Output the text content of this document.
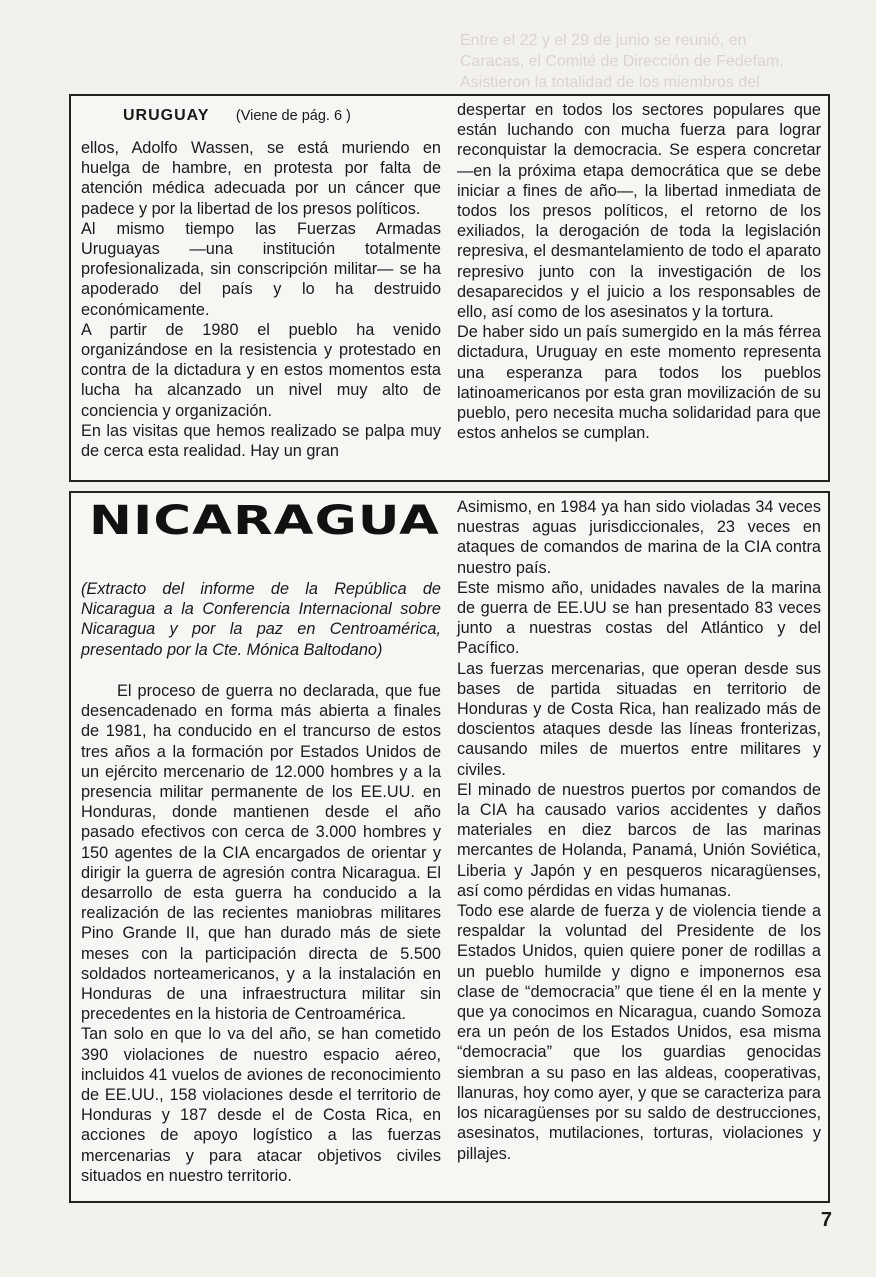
Entre el 22 y el 29 de junio se reunió, en
Caracas, el Comité de Dirección de Fedefam.
Asistieron la totalidad de los miembros del
URUGUAY (Viene de pág. 6 )

ellos, Adolfo Wassen, se está muriendo en huelga de hambre, en protesta por falta de atención médica adecuada por un cáncer que padece y por la libertad de los presos políticos.

Al mismo tiempo las Fuerzas Armadas Uruguayas —una institución totalmente profesionalizada, sin conscripción militar— se ha apoderado del país y lo ha destruido económicamente.

A partir de 1980 el pueblo ha venido organizándose en la resistencia y protestado en contra de la dictadura y en estos momentos esta lucha ha alcanzado un nivel muy alto de conciencia y organización.

En las visitas que hemos realizado se palpa muy de cerca esta realidad. Hay un gran

despertar en todos los sectores populares que están luchando con mucha fuerza para lograr reconquistar la democracia. Se espera concretar —en la próxima etapa democrática que se debe iniciar a fines de año—, la libertad inmediata de todos los presos políticos, el retorno de los exiliados, la derogación de toda la legislación represiva, el desmantelamiento de todo el aparato represivo junto con la investigación de los desaparecidos y el juicio a los responsables de ello, así como de los asesinatos y la tortura.

De haber sido un país sumergido en la más férrea dictadura, Uruguay en este momento representa una esperanza para todos los pueblos latinoamericanos por esta gran movilización de su pueblo, pero necesita mucha solidaridad para que estos anhelos se cumplan.

NICARAGUA

(Extracto del informe de la República de Nicaragua a la Conferencia Internacional sobre Nicaragua y por la paz en Centroamérica, presentado por la Cte. Mónica Baltodano)

El proceso de guerra no declarada, que fue desencadenado en forma más abierta a finales de 1981, ha conducido en el trancurso de estos tres años a la formación por Estados Unidos de un ejército mercenario de 12.000 hombres y a la presencia militar permanente de los EE.UU. en Honduras, donde mantienen desde el año pasado efectivos con cerca de 3.000 hombres y 150 agentes de la CIA encargados de orientar y dirigir la guerra de agresión contra Nicaragua. El desarrollo de esta guerra ha conducido a la realización de las recientes maniobras militares Pino Grande II, que han durado más de siete meses con la participación directa de 5.500 soldados norteamericanos, y a la instalación en Honduras de una infraestructura militar sin precedentes en la historia de Centroamérica.

Tan solo en que lo va del año, se han cometido 390 violaciones de nuestro espacio aéreo, incluidos 41 vuelos de aviones de reconocimiento de EE.UU., 158 violaciones desde el territorio de Honduras y 187 desde el de Costa Rica, en acciones de apoyo logístico a las fuerzas mercenarias y para atacar objetivos civiles situados en nuestro territorio.

Asimismo, en 1984 ya han sido violadas 34 veces nuestras aguas jurisdiccionales, 23 veces en ataques de comandos de marina de la CIA contra nuestro país.

Este mismo año, unidades navales de la marina de guerra de EE.UU se han presentado 83 veces junto a nuestras costas del Atlántico y del Pacífico.

Las fuerzas mercenarias, que operan desde sus bases de partida situadas en territorio de Honduras y de Costa Rica, han realizado más de doscientos ataques desde las líneas fronterizas, causando miles de muertos entre militares y civiles.

El minado de nuestros puertos por comandos de la CIA ha causado varios accidentes y daños materiales en diez barcos de las marinas mercantes de Holanda, Panamá, Unión Soviética, Liberia y Japón y en pesqueros nicaragüenses, así como pérdidas en vidas humanas.

Todo ese alarde de fuerza y de violencia tiende a respaldar la voluntad del Presidente de los Estados Unidos, quien quiere poner de rodillas a un pueblo humilde y digno e imponernos esa clase de “democracia” que tiene él en la mente y que ya conocimos en Nicaragua, cuando Somoza era un peón de los Estados Unidos, esa misma “democracia” que los guardias genocidas siembran a su paso en las aldeas, cooperativas, llanuras, hoy como ayer, y que se caracteriza para los nicaragüenses por su saldo de destrucciones, asesinatos, mutilaciones, torturas, violaciones y pillajes.

7
